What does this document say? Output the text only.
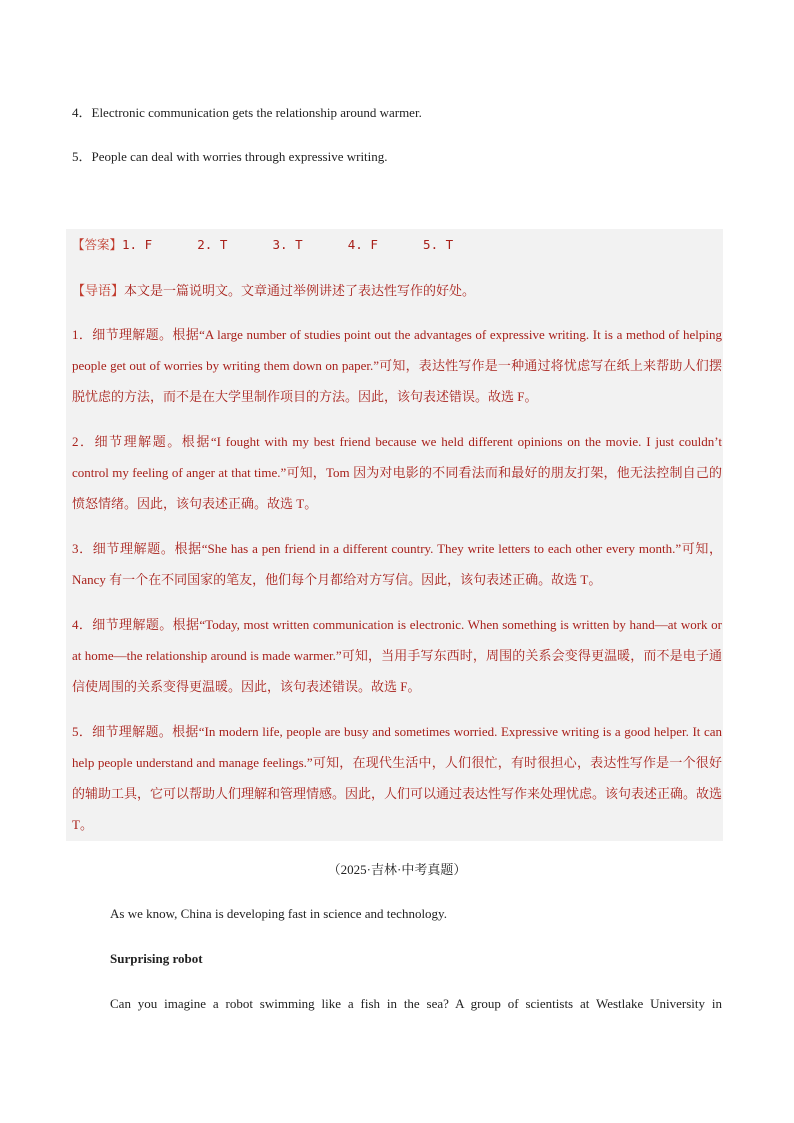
4．Electronic communication gets the relationship around warmer.
5．People can deal with worries through expressive writing.
【答案】1. F      2. T      3. T      4. F      5. T
【导语】本文是一篇说明文。文章通过举例讲述了表达性写作的好处。
1．细节理解题。根据“A large number of studies point out the advantages of expressive writing. It is a method of helping people get out of worries by writing them down on paper.”可知，表达性写作是一种通过将忧虑写在纸上来帮助人们摆脱忧虑的方法，而不是在大学里制作项目的方法。因此，该句表述错误。故选 F。
2．细节理解题。根据“I fought with my best friend because we held different opinions on the movie. I just couldn’t control my feeling of anger at that time.”可知，Tom 因为对电影的不同看法而和最好的朋友打架，他无法控制自己的愤怒情绪。因此，该句表述正确。故选 T。
3．细节理解题。根据“She has a pen friend in a different country. They write letters to each other every month.”可知，Nancy 有一个在不同国家的笔友，他们每个月都给对方写信。因此，该句表述正确。故选 T。
4．细节理解题。根据“Today, most written communication is electronic. When something is written by hand—at work or at home—the relationship around is made warmer.”可知，当用手写东西时，周围的关系会变得更温暖，而不是电子通信使周围的关系变得更温暖。因此，该句表述错误。故选 F。
5．细节理解题。根据“In modern life, people are busy and sometimes worried. Expressive writing is a good helper. It can help people understand and manage feelings.”可知，在现代生活中，人们很忙，有时很担心，表达性写作是一个很好的辅助工具，它可以帮助人们理解和管理情感。因此，人们可以通过表达性写作来处理忧虑。该句表述正确。故选 T。
（2025·吉林·中考真题）
As we know, China is developing fast in science and technology.
Surprising robot
Can you imagine a robot swimming like a fish in the sea? A group of scientists at Westlake University in
